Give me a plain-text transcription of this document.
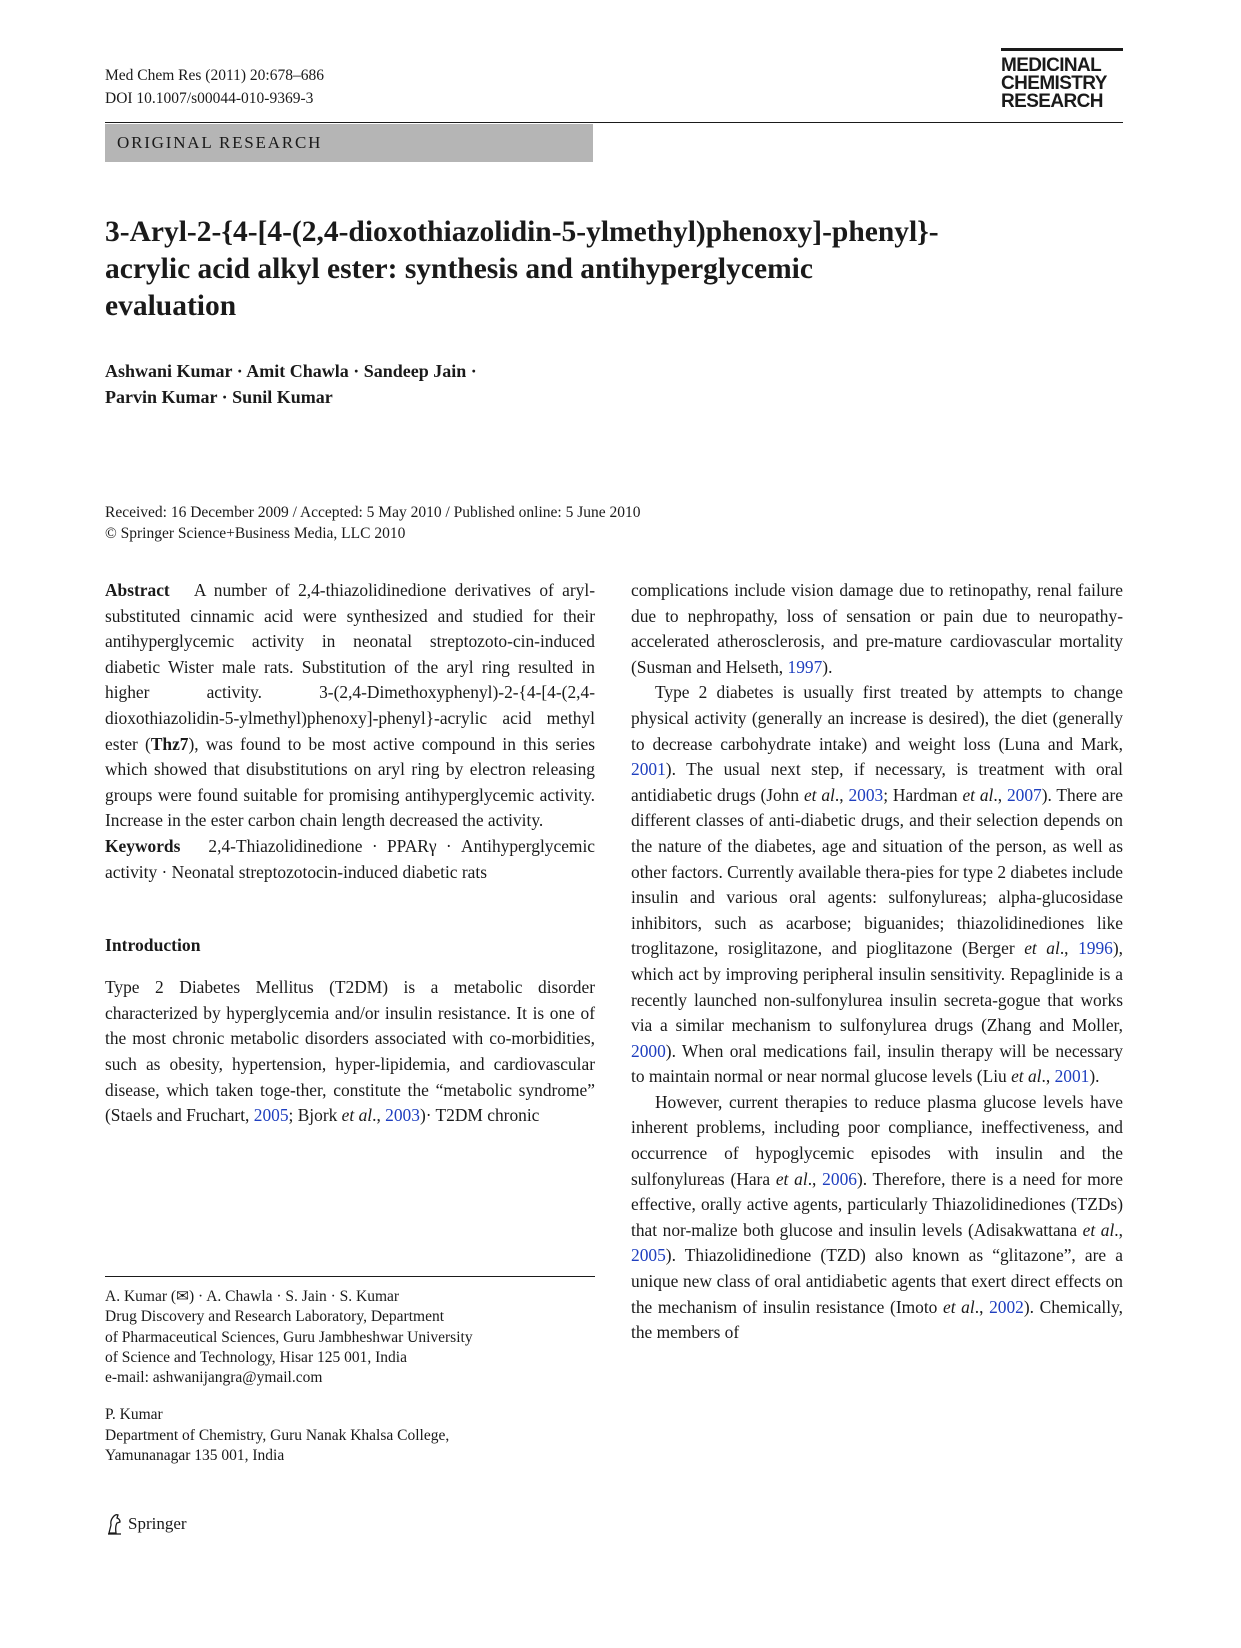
Med Chem Res (2011) 20:678–686
DOI 10.1007/s00044-010-9369-3
MEDICINAL
CHEMISTRY
RESEARCH
ORIGINAL RESEARCH
3-Aryl-2-{4-[4-(2,4-dioxothiazolidin-5-ylmethyl)phenoxy]-phenyl}-
acrylic acid alkyl ester: synthesis and antihyperglycemic
evaluation
Ashwani Kumar · Amit Chawla · Sandeep Jain ·
Parvin Kumar · Sunil Kumar
Received: 16 December 2009 / Accepted: 5 May 2010 / Published online: 5 June 2010
© Springer Science+Business Media, LLC 2010

Abstract A number of 2,4-thiazolidinedione derivatives of aryl-substituted cinnamic acid were synthesized and studied for their antihyperglycemic activity in neonatal streptozoto-cin-induced diabetic Wister male rats. Substitution of the aryl ring resulted in higher activity. 3-(2,4-Dimethoxyphenyl)-2-{4-[4-(2,4-dioxothiazolidin-5-ylmethyl)phenoxy]-phenyl}-acrylic acid methyl ester (Thz7), was found to be most active compound in this series which showed that disubstitutions on aryl ring by electron releasing groups were found suitable for promising antihyperglycemic activity. Increase in the ester carbon chain length decreased the activity.

Keywords 2,4-Thiazolidinedione · PPARγ · Antihyperglycemic activity · Neonatal streptozotocin-induced diabetic rats

Introduction

Type 2 Diabetes Mellitus (T2DM) is a metabolic disorder characterized by hyperglycemia and/or insulin resistance. It is one of the most chronic metabolic disorders associated with co-morbidities, such as obesity, hypertension, hyper-lipidemia, and cardiovascular disease, which taken toge-ther, constitute the “metabolic syndrome” (Staels and Fruchart, 2005; Bjork et al., 2003)· T2DM chronic

A. Kumar (✉) · A. Chawla · S. Jain · S. Kumar

Drug Discovery and Research Laboratory, Department

of Pharmaceutical Sciences, Guru Jambheshwar University

of Science and Technology, Hisar 125 001, India

e-mail: ashwanijangra@ymail.com

P. Kumar

Department of Chemistry, Guru Nanak Khalsa College,

Yamunanagar 135 001, India

complications include vision damage due to retinopathy, renal failure due to nephropathy, loss of sensation or pain due to neuropathy-accelerated atherosclerosis, and pre-mature cardiovascular mortality (Susman and Helseth, 1997).

Type 2 diabetes is usually first treated by attempts to change physical activity (generally an increase is desired), the diet (generally to decrease carbohydrate intake) and weight loss (Luna and Mark, 2001). The usual next step, if necessary, is treatment with oral antidiabetic drugs (John et al., 2003; Hardman et al., 2007). There are different classes of anti-diabetic drugs, and their selection depends on the nature of the diabetes, age and situation of the person, as well as other factors. Currently available thera-pies for type 2 diabetes include insulin and various oral agents: sulfonylureas; alpha-glucosidase inhibitors, such as acarbose; biguanides; thiazolidinediones like troglitazone, rosiglitazone, and pioglitazone (Berger et al., 1996), which act by improving peripheral insulin sensitivity. Repaglinide is a recently launched non-sulfonylurea insulin secreta-gogue that works via a similar mechanism to sulfonylurea drugs (Zhang and Moller, 2000). When oral medications fail, insulin therapy will be necessary to maintain normal or near normal glucose levels (Liu et al., 2001).

However, current therapies to reduce plasma glucose levels have inherent problems, including poor compliance, ineffectiveness, and occurrence of hypoglycemic episodes with insulin and the sulfonylureas (Hara et al., 2006). Therefore, there is a need for more effective, orally active agents, particularly Thiazolidinediones (TZDs) that nor-malize both glucose and insulin levels (Adisakwattana et al., 2005). Thiazolidinedione (TZD) also known as “glitazone”, are a unique new class of oral antidiabetic agents that exert direct effects on the mechanism of insulin resistance (Imoto et al., 2002). Chemically, the members of

Springer
